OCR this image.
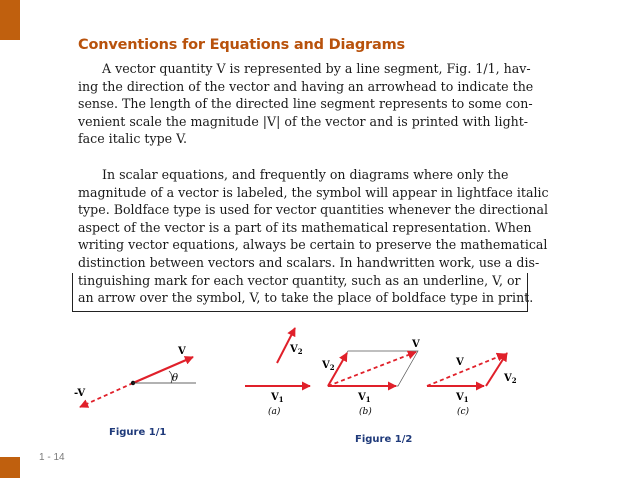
1 - 14
Conventions for Equations and Diagrams
A vector quantity V is represented by a line segment, Fig. 1/1, hav-
ing the direction of the vector and having an arrowhead to indicate the
sense. The length of the directed line segment represents to some con-
venient scale the magnitude |V| of the vector and is printed with light-
face italic type V.
In scalar equations, and frequently on diagrams where only the
magnitude of a vector is labeled, the symbol will appear in lightface italic
type. Boldface type is used for vector quantities whenever the directional
aspect of the vector is a part of its mathematical representation. When
writing vector equations, always be certain to preserve the mathematical
distinction between vectors and scalars. In handwritten work, use a dis-
tinguishing mark for each vector quantity, such as an underline, V, or
an arrow over the symbol, V, to take the place of boldface type in print.
V
-V
θ
Figure 1/1
$V_1$
$V_2$
(a)
$V_1$
$V_2$
V
(b)
Figure 1/2
$V_1$
$V_2$
V
(c)
